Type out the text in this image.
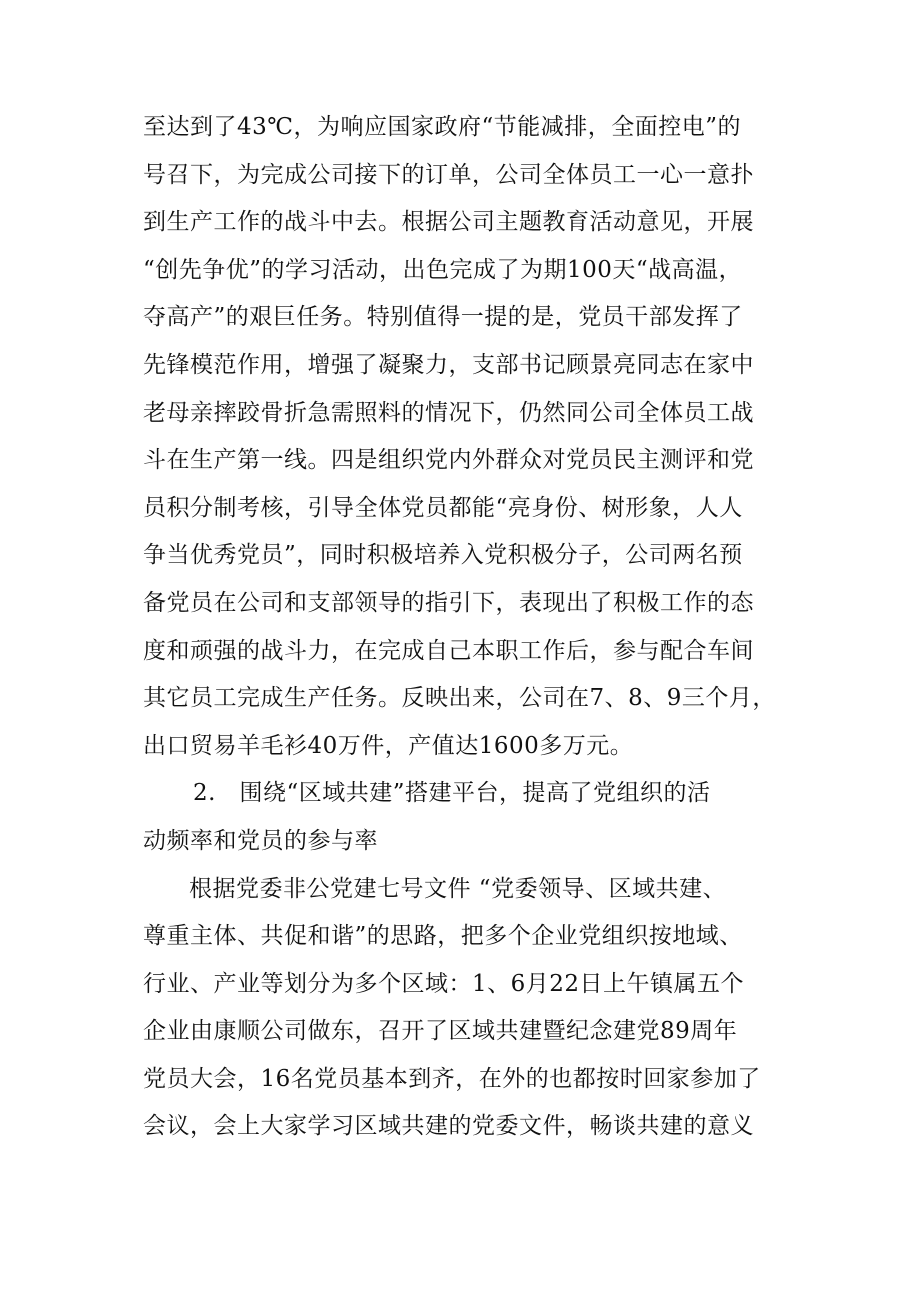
至达到了43℃，为响应国家政府“节能减排，全面控电”的
号召下，为完成公司接下的订单，公司全体员工一心一意扑
到生产工作的战斗中去。根据公司主题教育活动意见，开展
“创先争优”的学习活动，出色完成了为期100天“战高温，
夺高产”的艰巨任务。特别值得一提的是，党员干部发挥了
先锋模范作用，增强了凝聚力，支部书记顾景亮同志在家中
老母亲摔跤骨折急需照料的情况下，仍然同公司全体员工战
斗在生产第一线。四是组织党内外群众对党员民主测评和党
员积分制考核，引导全体党员都能“亮身份、树形象，人人
争当优秀党员”，同时积极培养入党积极分子，公司两名预
备党员在公司和支部领导的指引下，表现出了积极工作的态
度和顽强的战斗力，在完成自己本职工作后，参与配合车间
其它员工完成生产任务。反映出来，公司在7、8、9三个月，
出口贸易羊毛衫40万件，产值达1600多万元。
2.　围绕“区域共建”搭建平台，提高了党组织的活
动频率和党员的参与率
根据党委非公党建七号文件 “党委领导、区域共建、
尊重主体、共促和谐”的思路，把多个企业党组织按地域、
行业、产业等划分为多个区域：1、6月22日上午镇属五个
企业由康顺公司做东，召开了区域共建暨纪念建党89周年
党员大会，16名党员基本到齐，在外的也都按时回家参加了
会议，会上大家学习区域共建的党委文件，畅谈共建的意义
